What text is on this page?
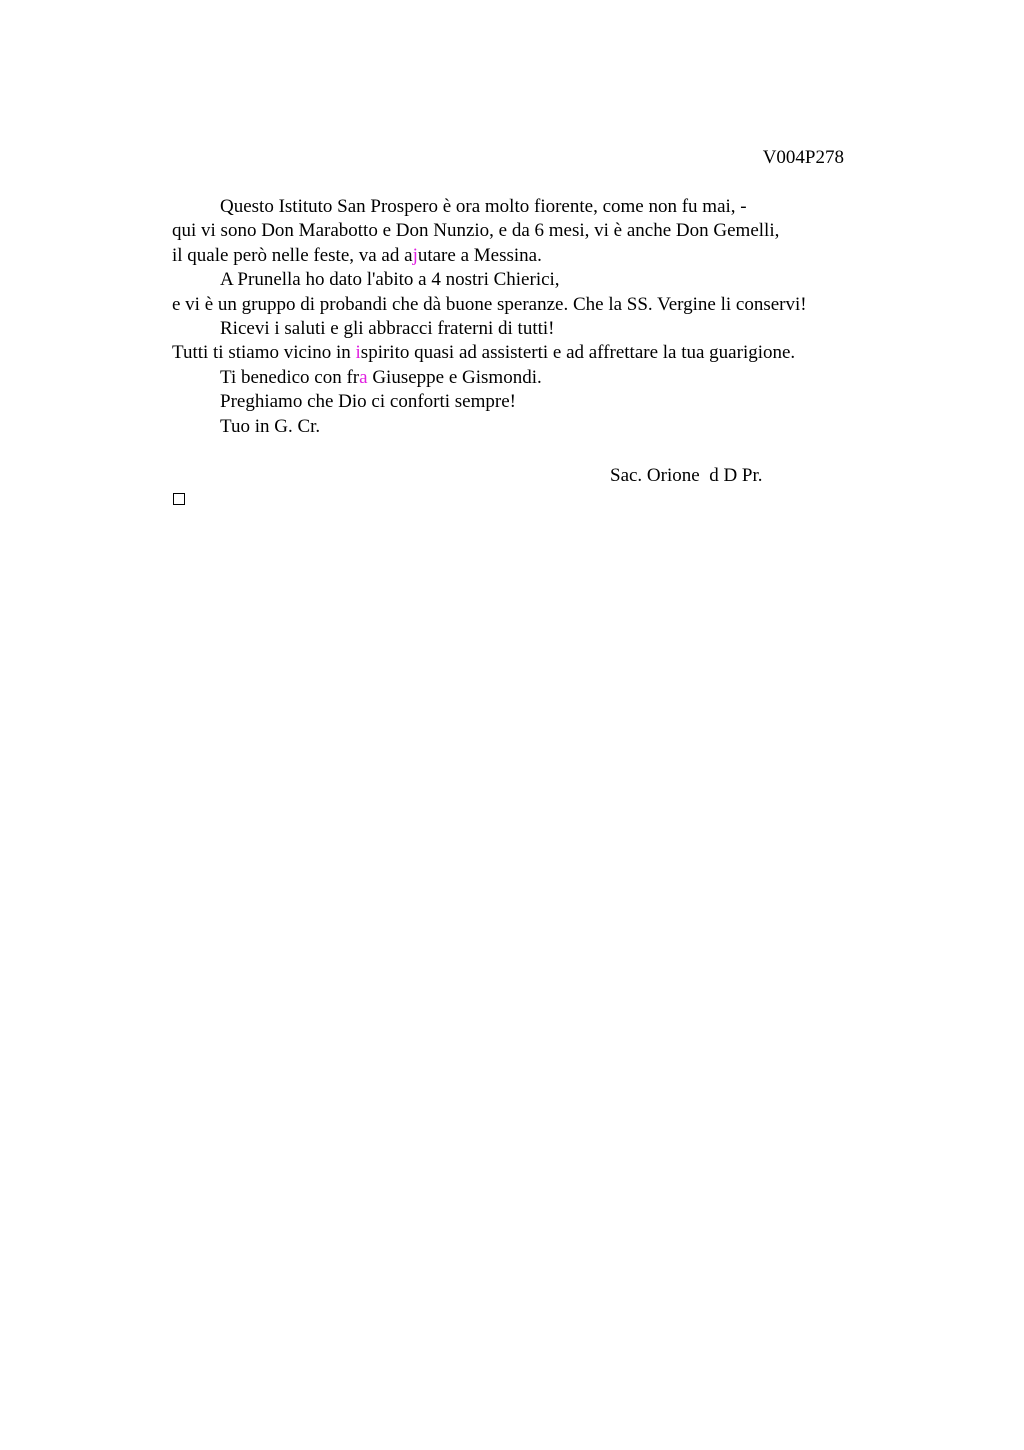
V004P278
Questo Istituto San Prospero è ora molto fiorente, come non fu mai, -
qui vi sono Don Marabotto e Don Nunzio, e da 6 mesi, vi è anche Don Gemelli,
il quale però nelle feste, va ad ajutare a Messina.
A Prunella ho dato l'abito a 4 nostri Chierici,
e vi è un gruppo di probandi che dà buone speranze. Che la SS. Vergine li conservi!
Ricevi i saluti e gli abbracci fraterni di tutti!
Tutti ti stiamo vicino in ispirito quasi ad assisterti e ad affrettare la tua guarigione.
Ti benedico con fra Giuseppe e Gismondi.
Preghiamo che Dio ci conforti sempre!
Tuo in G. Cr.
Sac. Orione  d D Pr.
